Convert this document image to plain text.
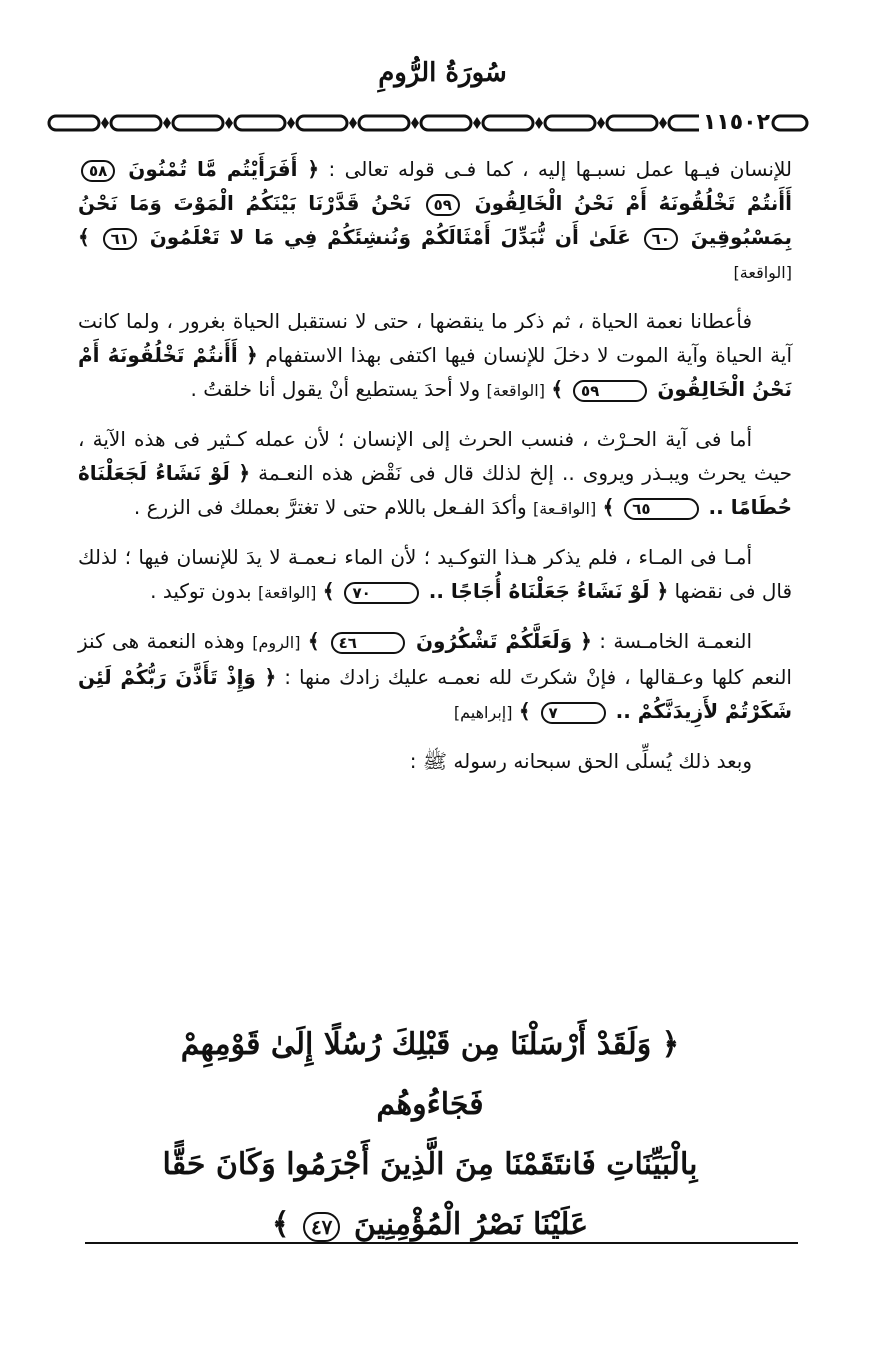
سُورَةُ الرُّومِ
١١٥٠٢

للإنسان فيـها عمل نسبـها إليه ، كما فـى قوله تعالى : ﴿ أَفَرَأَيْتُم مَّا تُمْنُونَ ٥٨ أَأَنتُمْ تَخْلُقُونَهُ أَمْ نَحْنُ الْخَالِقُونَ ٥٩ نَحْنُ قَدَّرْنَا بَيْنَكُمُ الْمَوْتَ وَمَا نَحْنُ بِمَسْبُوقِينَ ٦٠ عَلَىٰ أَن نُّبَدِّلَ أَمْثَالَكُمْ وَنُنشِئَكُمْ فِي مَا لا تَعْلَمُونَ ٦١ ﴾ [الواقعة]

فأعطانا نعمة الحياة ، ثم ذكر ما ينقضها ، حتى لا نستقبل الحياة بغرور ، ولما كانت آية الحياة وآية الموت لا دخلَ للإنسان فيها اكتفى بهذا الاستفهام ﴿ أَأَنتُمْ تَخْلُقُونَهُ أَمْ نَحْنُ الْخَالِقُونَ ٥٩ ﴾ [الواقعة] ولا أحدَ يستطيع أنْ يقول أنا خلقتُ .

أما فى آية الحـرْث ، فنسب الحرث إلى الإنسان ؛ لأن عمله كـثير فى هذه الآية ، حيث يحرث ويبـذر ويروى .. إلخ لذلك قال فى نَقْض هذه النعـمة ﴿ لَوْ نَشَاءُ لَجَعَلْنَاهُ حُطَامًا .. ٦٥ ﴾ [الواقـعة] وأكدَ الفـعل باللام حتى لا تغترَّ بعملك فى الزرع .

أمـا فى المـاء ، فلم يذكر هـذا التوكـيد ؛ لأن الماء نـعمـة لا يدَ للإنسان فيها ؛ لذلك قال فى نقضها ﴿ لَوْ نَشَاءُ جَعَلْنَاهُ أُجَاجًا .. ٧٠ ﴾ [الواقعة] بدون توكيد .

النعمـة الخامـسة : ﴿ وَلَعَلَّكُمْ تَشْكُرُونَ ٤٦ ﴾ [الروم] وهذه النعمة هى كنز النعم كلها وعـقالها ، فإنْ شكرتَ لله نعمـه عليك زادك منها : ﴿ وَإِذْ تَأَذَّنَ رَبُّكُمْ لَئِن شَكَرْتُمْ لأَزِيدَنَّكُمْ .. ٧ ﴾ [إبراهيم]

وبعد ذلك يُسلِّى الحق سبحانه رسوله ﷺ :

﴿ وَلَقَدْ أَرْسَلْنَا مِن قَبْلِكَ رُسُلًا إِلَىٰ قَوْمِهِمْ فَجَاءُوهُم
بِالْبَيِّنَاتِ فَانتَقَمْنَا مِنَ الَّذِينَ أَجْرَمُوا وَكَانَ حَقًّا
عَلَيْنَا نَصْرُ الْمُؤْمِنِينَ ٤٧ ﴾
